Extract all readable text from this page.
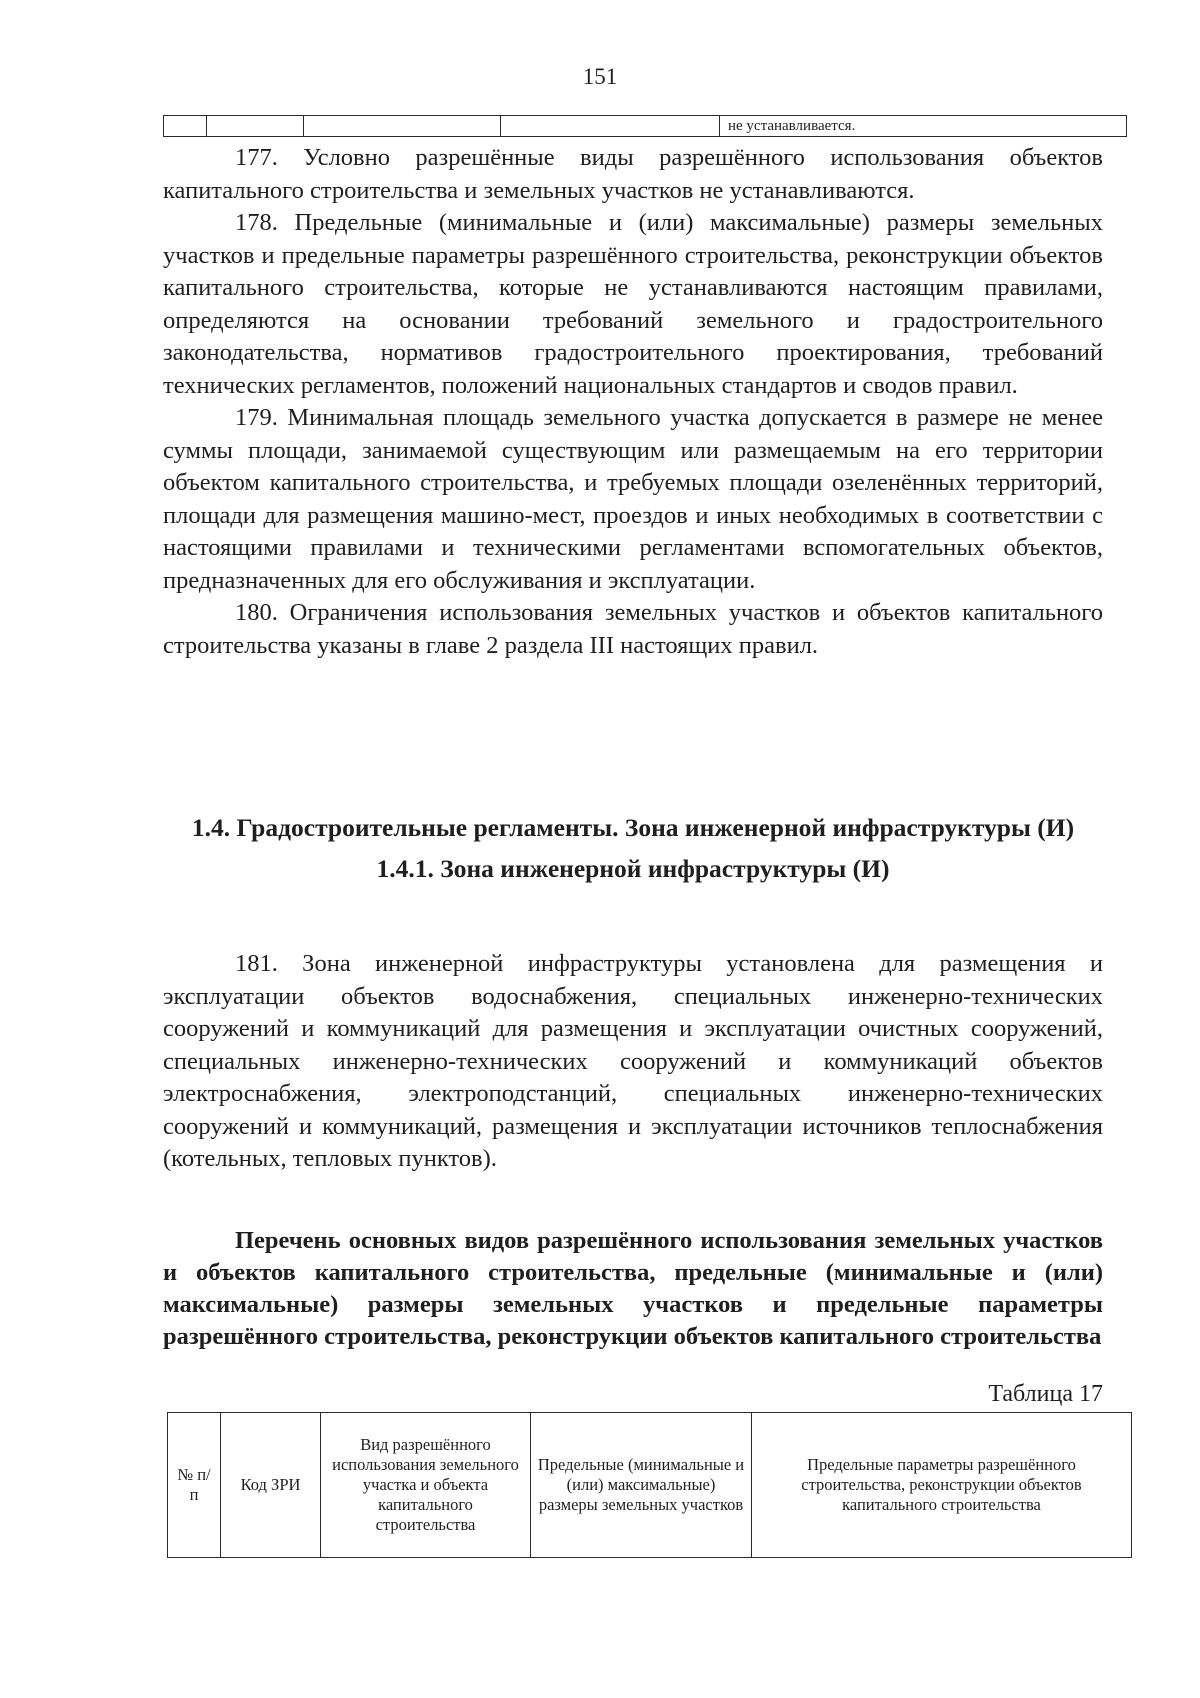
151
				не устанавливается.

177. Условно разрешённые виды разрешённого использования объектов капитального строительства и земельных участков не устанавливаются.

178. Предельные (минимальные и (или) максимальные) размеры земельных участков и предельные параметры разрешённого строительства, реконструкции объектов капитального строительства, которые не устанавливаются настоящим правилами, определяются на основании требований земельного и градостроительного законодательства, нормативов градостроительного проектирования, требований технических регламентов, положений национальных стандартов и сводов правил.

179. Минимальная площадь земельного участка допускается в размере не менее суммы площади, занимаемой существующим или размещаемым на его территории объектом капитального строительства, и требуемых площади озеленённых территорий, площади для размещения машино-мест, проездов и иных необходимых в соответствии с настоящими правилами и техническими регламентами вспомогательных объектов, предназначенных для его обслуживания и эксплуатации.

180. Ограничения использования земельных участков и объектов капитального строительства указаны в главе 2 раздела III настоящих правил.

1.4. Градостроительные регламенты. Зона инженерной инфраструктуры (И)

1.4.1. Зона инженерной инфраструктуры (И)

181. Зона инженерной инфраструктуры установлена для размещения и эксплуатации объектов водоснабжения, специальных инженерно-технических сооружений и коммуникаций для размещения и эксплуатации очистных сооружений, специальных инженерно-технических сооружений и коммуникаций объектов электроснабжения, электроподстанций, специальных инженерно-технических сооружений и коммуникаций, размещения и эксплуатации источников теплоснабжения (котельных, тепловых пунктов).

Перечень основных видов разрешённого использования земельных участков и объектов капитального строительства, предельные (минимальные и (или) максимальные) размеры земельных участков и предельные параметры разрешённого строительства, реконструкции объектов капитального строительства

Таблица 17
№ п/п	Код ЗРИ	Вид разрешённого использования земельного участка и объекта капитального строительства	Предельные (минимальные и (или) максимальные) размеры земельных участков	Предельные параметры разрешённого строительства, реконструкции объектов капитального строительства
